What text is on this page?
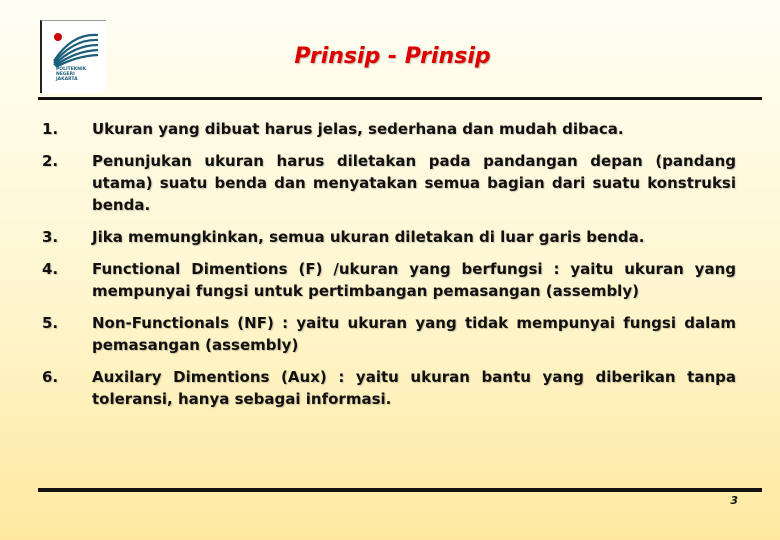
POLITEKNIK
NEGERI
JAKARTA
Prinsip - Prinsip
1.	Ukuran yang dibuat harus jelas, sederhana dan mudah dibaca.
2.	Penunjukan ukuran harus diletakan pada pandangan depan (pandang utama) suatu benda dan menyatakan semua bagian dari suatu konstruksi benda.
3.	Jika memungkinkan, semua ukuran diletakan di luar garis benda.
4.	Functional Dimentions (F) /ukuran yang berfungsi : yaitu ukuran yang mempunyai fungsi untuk pertimbangan pemasangan (assembly)
5.	Non-Functionals (NF) : yaitu ukuran yang tidak mempunyai fungsi dalam pemasangan (assembly)
6.	Auxilary Dimentions (Aux) : yaitu ukuran bantu yang diberikan tanpa toleransi, hanya sebagai informasi.
3
